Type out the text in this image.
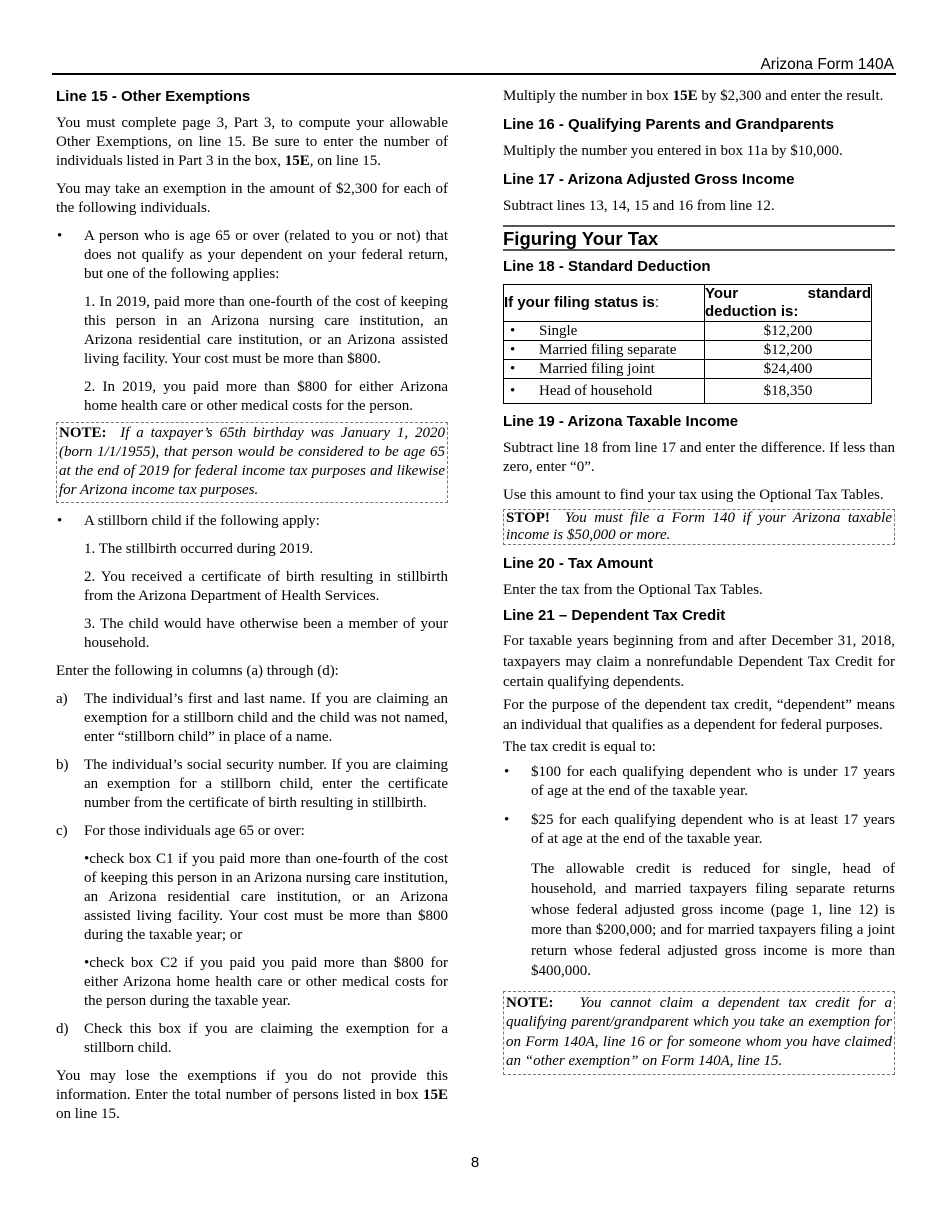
Arizona Form 140A
Line 15 - Other Exemptions

You must complete page 3, Part 3, to compute your allowable Other Exemptions, on line 15. Be sure to enter the number of individuals listed in Part 3 in the box, 15E, on line 15.

You may take an exemption in the amount of $2,300 for each of the following individuals.

• A person who is age 65 or over (related to you or not) that does not qualify as your dependent on your federal return, but one of the following applies:
1. In 2019, paid more than one-fourth of the cost of keeping this person in an Arizona nursing care institution, an Arizona residential care institution, or an Arizona assisted living facility. Your cost must be more than $800.
2. In 2019, you paid more than $800 for either Arizona home health care or other medical costs for the person.
NOTE: If a taxpayer’s 65th birthday was January 1, 2020 (born 1/1/1955), that person would be considered to be age 65 at the end of 2019 for federal income tax purposes and likewise for Arizona income tax purposes.
• A stillborn child if the following apply:
1. The stillbirth occurred during 2019.
2. You received a certificate of birth resulting in stillbirth from the Arizona Department of Health Services.
3. The child would have otherwise been a member of your household.

Enter the following in columns (a) through (d):

a) The individual’s first and last name. If you are claiming an exemption for a stillborn child and the child was not named, enter “stillborn child” in place of a name.
b) The individual’s social security number. If you are claiming an exemption for a stillborn child, enter the certificate number from the certificate of birth resulting in stillbirth.
c) For those individuals age 65 or over:
•check box C1 if you paid more than one-fourth of the cost of keeping this person in an Arizona nursing care institution, an Arizona residential care institution, or an Arizona assisted living facility. Your cost must be more than $800 during the taxable year; or
•check box C2 if you paid you paid more than $800 for either Arizona home health care or other medical costs for the person during the taxable year.
d) Check this box if you are claiming the exemption for a stillborn child.

You may lose the exemptions if you do not provide this information. Enter the total number of persons listed in box 15E on line 15.

Multiply the number in box 15E by $2,300 and enter the result.

Line 16 - Qualifying Parents and Grandparents

Multiply the number you entered in box 11a by $10,000.

Line 17 - Arizona Adjusted Gross Income

Subtract lines 13, 14, 15 and 16 from line 12.

Figuring Your Tax
Line 18 - Standard Deduction
If your filing status is:	Your standard deduction is:
• Single	$12,200
• Married filing separate	$12,200
• Married filing joint	$24,400
• Head of household	$18,350
Line 19 - Arizona Taxable Income

Subtract line 18 from line 17 and enter the difference. If less than zero, enter “0”.

Use this amount to find your tax using the Optional Tax Tables.

STOP! You must file a Form 140 if your Arizona taxable income is $50,000 or more.
Line 20 - Tax Amount

Enter the tax from the Optional Tax Tables.

Line 21 – Dependent Tax Credit

For taxable years beginning from and after December 31, 2018, taxpayers may claim a nonrefundable Dependent Tax Credit for certain qualifying dependents.

For the purpose of the dependent tax credit, “dependent” means an individual that qualifies as a dependent for federal purposes.

The tax credit is equal to:

• $100 for each qualifying dependent who is under 17 years of age at the end of the taxable year.
• $25 for each qualifying dependent who is at least 17 years of at age at the end of the taxable year.
The allowable credit is reduced for single, head of household, and married taxpayers filing separate returns whose federal adjusted gross income (page 1, line 12) is more than $200,000; and for married taxpayers filing a joint return whose federal adjusted gross income is more than $400,000.
NOTE: You cannot claim a dependent tax credit for a qualifying parent/grandparent which you take an exemption for on Form 140A, line 16 or for someone whom you have claimed an “other exemption” on Form 140A, line 15.
8
